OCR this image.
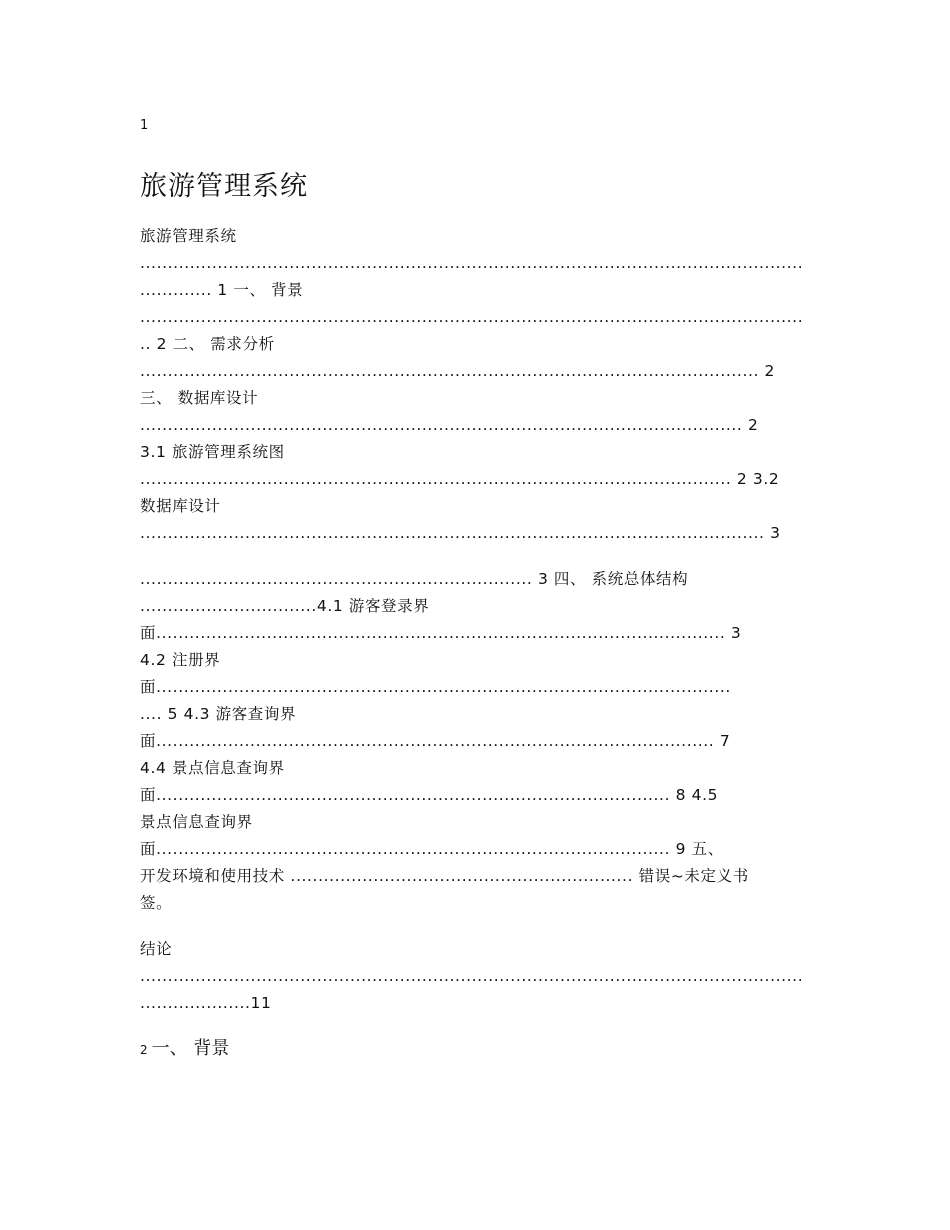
1
旅游管理系统
旅游管理系统
........................................................................................................................
............. 1 一、 背景
........................................................................................................................
.. 2 二、 需求分析
................................................................................................................ 2
三、 数据库设计
............................................................................................................. 2
3.1 旅游管理系统图
........................................................................................................... 2 3.2
数据库设计
................................................................................................................. 3
....................................................................... 3 四、 系统总体结构
................................4.1 游客登录界
面....................................................................................................... 3
4.2 注册界
面........................................................................................................
.... 5 4.3 游客查询界
面..................................................................................................... 7
4.4 景点信息查询界
面............................................................................................. 8 4.5
景点信息查询界
面............................................................................................. 9 五、
开发环境和使用技术 .............................................................. 错误~未定义书
签。
结论
........................................................................................................................
....................11
2 一、 背景
